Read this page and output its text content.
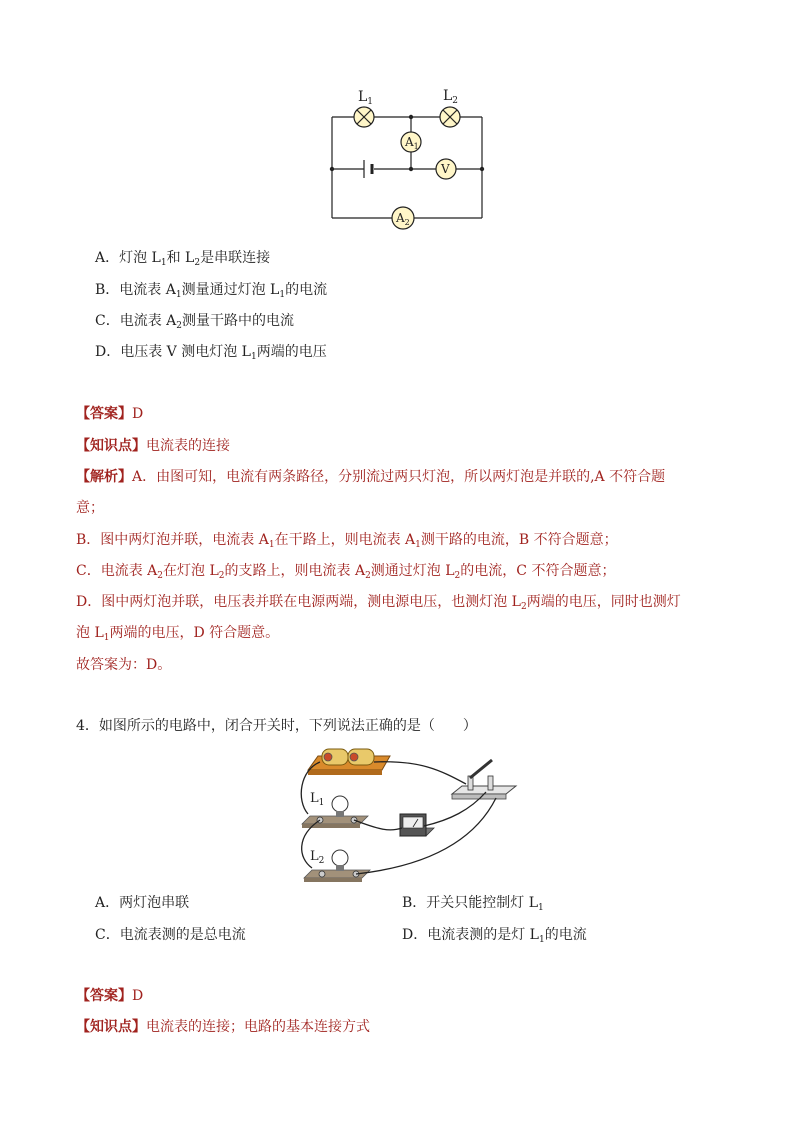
$L_1$	$L_2$
$A_1$
V
$A_2$
A．灯泡 $L_1$和 $L_2$是串联连接
B．电流表 $A_1$测量通过灯泡 $L_1$的电流
C．电流表 $A_2$测量干路中的电流
D．电压表 V 测电灯泡 $L_1$两端的电压
【答案】D
【知识点】电流表的连接
【解析】A．由图可知，电流有两条路径，分别流过两只灯泡，所以两灯泡是并联的,A 不符合题
意；
B．图中两灯泡并联，电流表 $A_1$在干路上，则电流表 $A_1$测干路的电流，B 不符合题意；
C．电流表 $A_2$在灯泡 $L_2$的支路上，则电流表 $A_2$测通过灯泡 $L_2$的电流，C 不符合题意；
D．图中两灯泡并联，电压表并联在电源两端，测电源电压，也测灯泡 $L_2$两端的电压，同时也测灯
泡 $L_1$两端的电压，D 符合题意。
故答案为：D。
4．如图所示的电路中，闭合开关时，下列说法正确的是（　　）
$L_1$
$L_2$
A．两灯泡串联	B．开关只能控制灯 $L_1$
C．电流表测的是总电流	D．电流表测的是灯 $L_1$的电流
【答案】D
【知识点】电流表的连接；电路的基本连接方式
